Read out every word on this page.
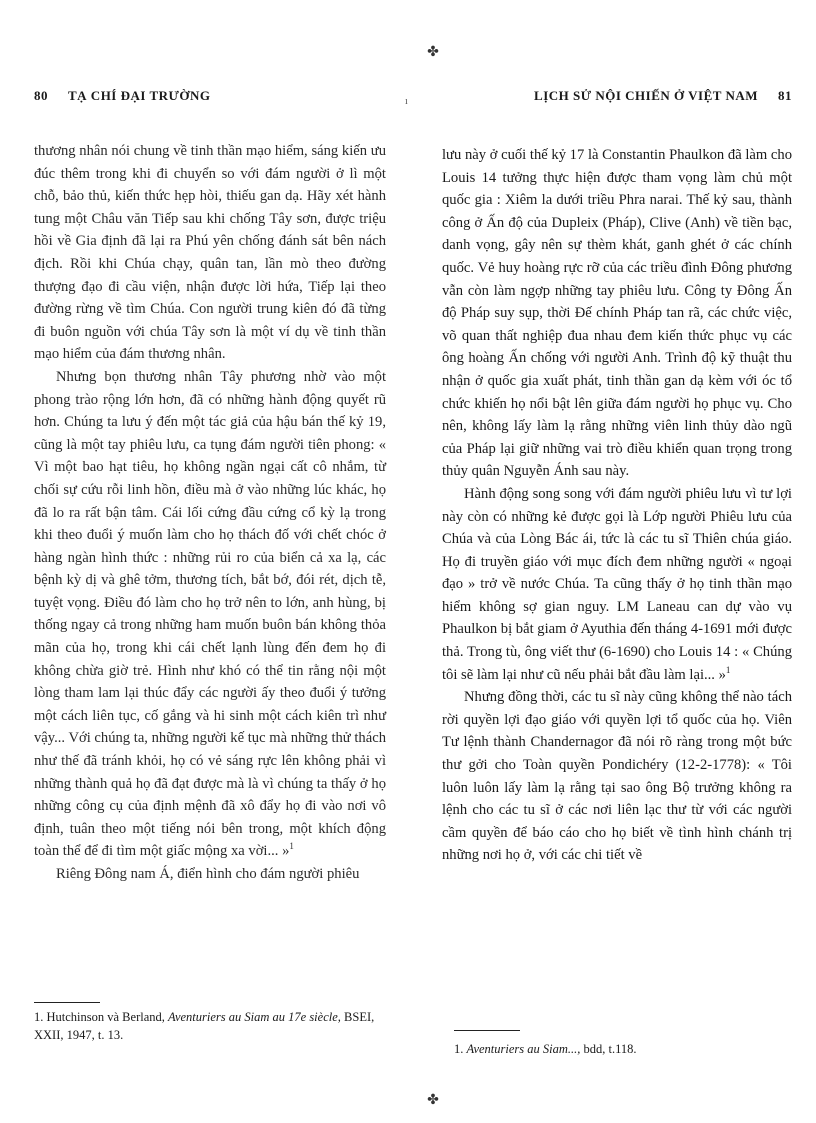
✤
ı
80 TẠ CHÍ ĐẠI TRƯỜNG

thương nhân nói chung về tinh thần mạo hiểm, sáng kiến ưu đúc thêm trong khi đi chuyển so với đám người ở lì một chỗ, bảo thủ, kiến thức hẹp hòi, thiếu gan dạ. Hãy xét hành tung một Châu văn Tiếp sau khi chống Tây sơn, được triệu hồi về Gia định đã lại ra Phú yên chống đánh sát bên nách địch. Rồi khi Chúa chạy, quân tan, lần mò theo đường thượng đạo đi cầu viện, nhận được lời hứa, Tiếp lại theo đường rừng về tìm Chúa. Con người trung kiên đó đã từng đi buôn nguồn với chúa Tây sơn là một ví dụ về tinh thần mạo hiểm của đám thương nhân.

Nhưng bọn thương nhân Tây phương nhờ vào một phong trào rộng lớn hơn, đã có những hành động quyết rũ hơn. Chúng ta lưu ý đến một tác giả của hậu bán thế kỷ 19, cũng là một tay phiêu lưu, ca tụng đám người tiên phong: « Vì một bao hạt tiêu, họ không ngần ngại cất cô nhắm, từ chối sự cứu rỗi linh hồn, điều mà ở vào những lúc khác, họ đã lo ra rất bận tâm. Cái lối cứng đầu cứng cổ kỳ lạ trong khi theo đuổi ý muốn làm cho họ thách đố với chết chóc ở hàng ngàn hình thức : những rủi ro của biển cả xa lạ, các bệnh kỳ dị và ghê tởm, thương tích, bắt bớ, đói rét, dịch tễ, tuyệt vọng. Điều đó làm cho họ trở nên to lớn, anh hùng, bị thống ngay cả trong những ham muốn buôn bán không thỏa mãn của họ, trong khi cái chết lạnh lùng đến đem họ đi không chừa giờ trẻ. Hình như khó có thể tin rằng nội một lòng tham lam lại thúc đẩy các người ấy theo đuổi ý tưởng một cách liên tục, cố gắng và hi sinh một cách kiên trì như vậy... Với chúng ta, những người kế tục mà những thử thách như thế đã tránh khỏi, họ có vẻ sáng rực lên không phải vì những thành quả họ đã đạt được mà là vì chúng ta thấy ở họ những công cụ của định mệnh đã xô đẩy họ đi vào nơi vô định, tuân theo một tiếng nói bên trong, một khích động toàn thể để đi tìm một giấc mộng xa vời... »$^1$

Riêng Đông nam Á, điển hình cho đám người phiêu

1. Hutchinson và Berland, Aventuriers au Siam au 17e siècle, BSEI, XXII, 1947, t. 13.
LỊCH SỬ NỘI CHIẾN Ở VIỆT NAM 81

lưu này ở cuối thế kỷ 17 là Constantin Phaulkon đã làm cho Louis 14 tưởng thực hiện được tham vọng làm chủ một quốc gia : Xiêm la dưới triều Phra narai. Thế kỷ sau, thành công ở Ấn độ của Dupleix (Pháp), Clive (Anh) về tiền bạc, danh vọng, gây nên sự thèm khát, ganh ghét ở các chính quốc. Vẻ huy hoàng rực rỡ của các triều đình Đông phương vẫn còn làm ngợp những tay phiêu lưu. Công ty Đông Ấn độ Pháp suy sụp, thời Đế chính Pháp tan rã, các chức việc, võ quan thất nghiệp đua nhau đem kiến thức phục vụ các ông hoàng Ấn chống với người Anh. Trình độ kỹ thuật thu nhận ở quốc gia xuất phát, tinh thần gan dạ kèm với óc tổ chức khiến họ nổi bật lên giữa đám người họ phục vụ. Cho nên, không lấy làm lạ rằng những viên linh thủy dào ngũ của Pháp lại giữ những vai trò điều khiển quan trọng trong thủy quân Nguyễn Ánh sau này.

Hành động song song với đám người phiêu lưu vì tư lợi này còn có những kẻ được gọi là Lớp người Phiêu lưu của Chúa và của Lòng Bác ái, tức là các tu sĩ Thiên chúa giáo. Họ đi truyền giáo với mục đích đem những người « ngoại đạo » trở về nước Chúa. Ta cũng thấy ở họ tinh thần mạo hiểm không sợ gian nguy. LM Laneau can dự vào vụ Phaulkon bị bắt giam ở Ayuthia đến tháng 4-1691 mới được thả. Trong tù, ông viết thư (6-1690) cho Louis 14 : « Chúng tôi sẽ làm lại như cũ nếu phải bắt đầu làm lại... »$^1$

Nhưng đồng thời, các tu sĩ này cũng không thể nào tách rời quyền lợi đạo giáo với quyền lợi tổ quốc của họ. Viên Tư lệnh thành Chandernagor đã nói rõ ràng trong một bức thư gởi cho Toàn quyền Pondichéry (12-2-1778): « Tôi luôn luôn lấy làm lạ rằng tại sao ông Bộ trưởng không ra lệnh cho các tu sĩ ở các nơi liên lạc thư từ với các người cầm quyền để báo cáo cho họ biết về tình hình chánh trị những nơi họ ở, với các chi tiết về

1. Aventuriers au Siam..., bdd, t.118.
✤
